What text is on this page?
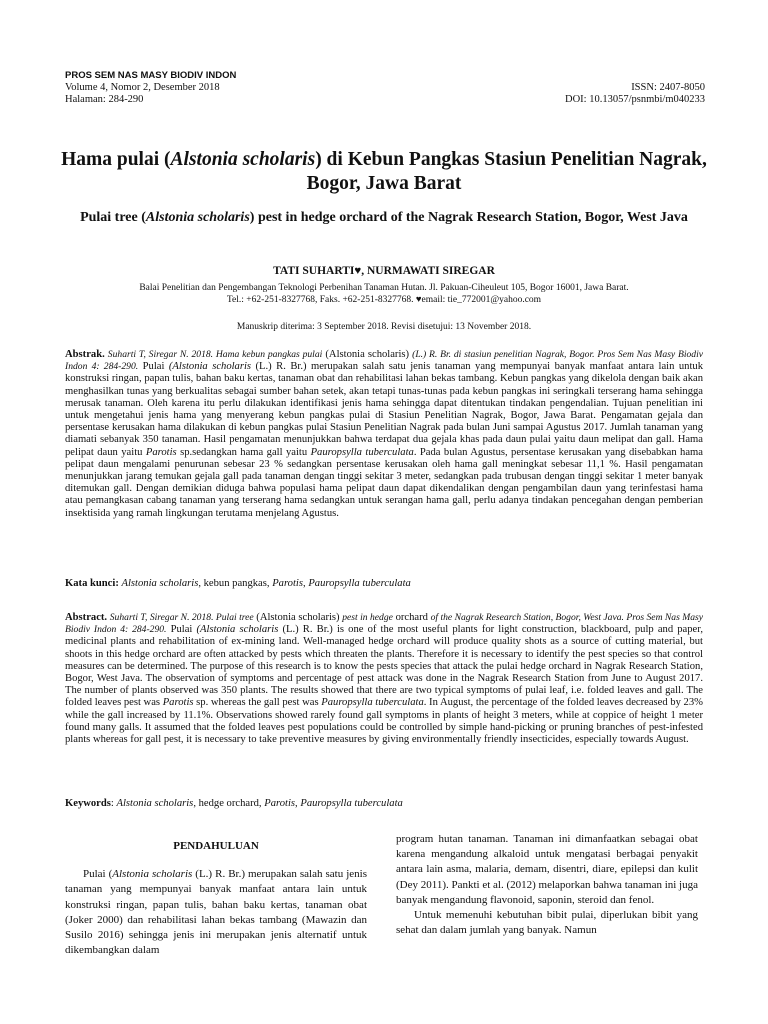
PROS SEM NAS MASY BIODIV INDON
Volume 4, Nomor 2, Desember 2018	ISSN: 2407-8050
Halaman: 284-290	DOI: 10.13057/psnmbi/m040233
Hama pulai (Alstonia scholaris) di Kebun Pangkas Stasiun Penelitian Nagrak, Bogor, Jawa Barat
Pulai tree (Alstonia scholaris) pest in hedge orchard of the Nagrak Research Station, Bogor, West Java
TATI SUHARTI♥, NURMAWATI SIREGAR
Balai Penelitian dan Pengembangan Teknologi Perbenihan Tanaman Hutan. Jl. Pakuan-Ciheuleut 105, Bogor 16001, Jawa Barat.
Tel.: +62-251-8327768, Faks. +62-251-8327768. ♥email: tie_772001@yahoo.com
Manuskrip diterima: 3 September 2018. Revisi disetujui: 13 November 2018.
Abstrak. Suharti T, Siregar N. 2018. Hama kebun pangkas pulai (Alstonia scholaris) (L.) R. Br. di stasiun penelitian Nagrak, Bogor. Pros Sem Nas Masy Biodiv Indon 4: 284-290. Pulai (Alstonia scholaris (L.) R. Br.) merupakan salah satu jenis tanaman yang mempunyai banyak manfaat antara lain untuk konstruksi ringan, papan tulis, bahan baku kertas, tanaman obat dan rehabilitasi lahan bekas tambang. Kebun pangkas yang dikelola dengan baik akan menghasilkan tunas yang berkualitas sebagai sumber bahan setek, akan tetapi tunas-tunas pada kebun pangkas ini seringkali terserang hama sehingga merusak tanaman. Oleh karena itu perlu dilakukan identifikasi jenis hama sehingga dapat ditentukan tindakan pengendalian. Tujuan penelitian ini untuk mengetahui jenis hama yang menyerang kebun pangkas pulai di Stasiun Penelitian Nagrak, Bogor, Jawa Barat. Pengamatan gejala dan persentase kerusakan hama dilakukan di kebun pangkas pulai Stasiun Penelitian Nagrak pada bulan Juni sampai Agustus 2017. Jumlah tanaman yang diamati sebanyak 350 tanaman. Hasil pengamatan menunjukkan bahwa terdapat dua gejala khas pada daun pulai yaitu daun melipat dan gall. Hama pelipat daun yaitu Parotis sp.sedangkan hama gall yaitu Pauropsylla tuberculata. Pada bulan Agustus, persentase kerusakan yang disebabkan hama pelipat daun mengalami penurunan sebesar 23 % sedangkan persentase kerusakan oleh hama gall meningkat sebesar 11,1 %. Hasil pengamatan menunjukkan jarang temukan gejala gall pada tanaman dengan tinggi sekitar 3 meter, sedangkan pada trubusan dengan tinggi sekitar 1 meter banyak ditemukan gall. Dengan demikian diduga bahwa populasi hama pelipat daun dapat dikendalikan dengan pengambilan daun yang terinfestasi hama atau pemangkasan cabang tanaman yang terserang hama sedangkan untuk serangan hama gall, perlu adanya tindakan pencegahan dengan pemberian insektisida yang ramah lingkungan terutama menjelang Agustus.
Kata kunci: Alstonia scholaris, kebun pangkas, Parotis, Pauropsylla tuberculata
Abstract. Suharti T, Siregar N. 2018. Pulai tree (Alstonia scholaris) pest in hedge orchard of the Nagrak Research Station, Bogor, West Java. Pros Sem Nas Masy Biodiv Indon 4: 284-290. Pulai (Alstonia scholaris (L.) R. Br.) is one of the most useful plants for light construction, blackboard, pulp and paper, medicinal plants and rehabilitation of ex-mining land. Well-managed hedge orchard will produce quality shots as a source of cutting material, but shoots in this hedge orchard are often attacked by pests which threaten the plants. Therefore it is necessary to identify the pest species so that control measures can be determined. The purpose of this research is to know the pests species that attack the pulai hedge orchard in Nagrak Research Station, Bogor, West Java. The observation of symptoms and percentage of pest attack was done in the Nagrak Research Station from June to August 2017. The number of plants observed was 350 plants. The results showed that there are two typical symptoms of pulai leaf, i.e. folded leaves and gall. The folded leaves pest was Parotis sp. whereas the gall pest was Pauropsylla tuberculata. In August, the percentage of the folded leaves decreased by 23% while the gall increased by 11.1%. Observations showed rarely found gall symptoms in plants of height 3 meters, while at coppice of height 1 meter found many galls. It assumed that the folded leaves pest populations could be controlled by simple hand-picking or pruning branches of pest-infested plants whereas for gall pest, it is necessary to take preventive measures by giving environmentally friendly insecticides, especially towards August.
Keywords: Alstonia scholaris, hedge orchard, Parotis, Pauropsylla tuberculata
PENDAHULUAN

Pulai (Alstonia scholaris (L.) R. Br.) merupakan salah satu jenis tanaman yang mempunyai banyak manfaat antara lain untuk konstruksi ringan, papan tulis, bahan baku kertas, tanaman obat (Joker 2000) dan rehabilitasi lahan bekas tambang (Mawazin dan Susilo 2016) sehingga jenis ini merupakan jenis alternatif untuk dikembangkan dalam

program hutan tanaman. Tanaman ini dimanfaatkan sebagai obat karena mengandung alkaloid untuk mengatasi berbagai penyakit antara lain asma, malaria, demam, disentri, diare, epilepsi dan kulit (Dey 2011). Pankti et al. (2012) melaporkan bahwa tanaman ini juga banyak mengandung flavonoid, saponin, steroid dan fenol.

Untuk memenuhi kebutuhan bibit pulai, diperlukan bibit yang sehat dan dalam jumlah yang banyak. Namun
